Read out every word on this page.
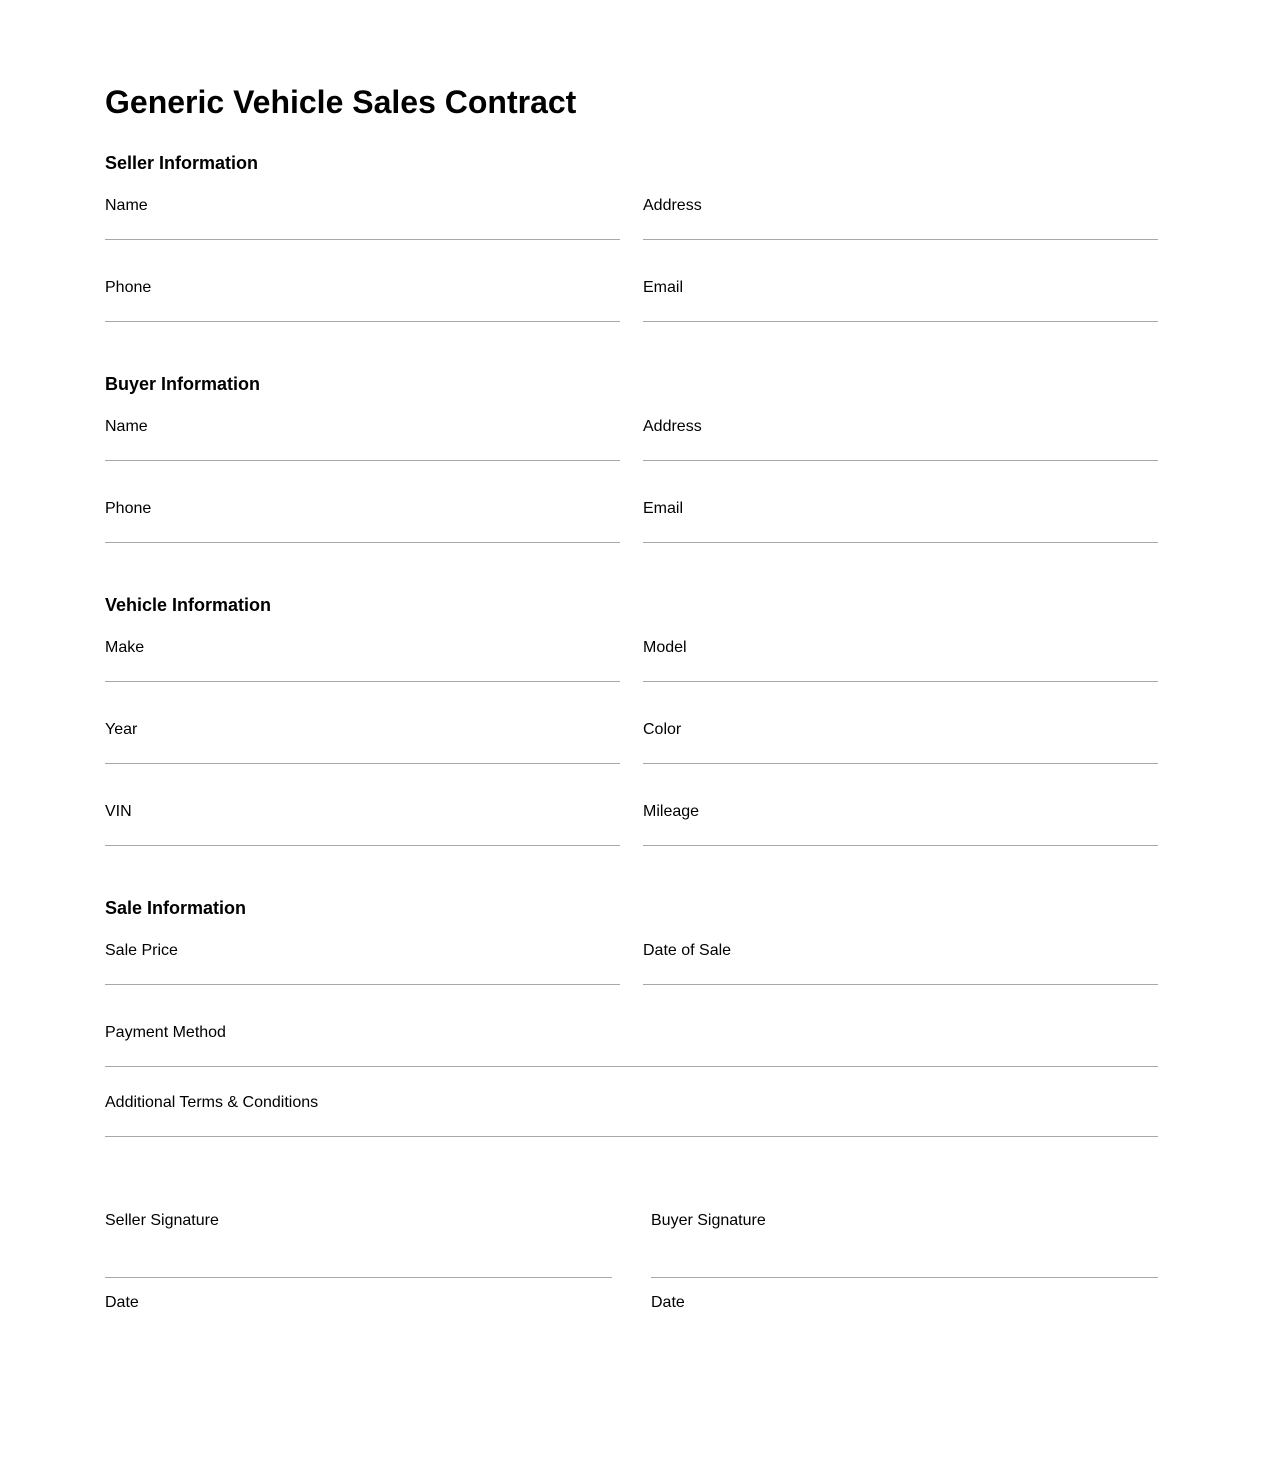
Generic Vehicle Sales Contract
Seller Information
Name	Address
Phone	Email
Buyer Information
Name	Address
Phone	Email
Vehicle Information
Make	Model
Year	Color
VIN	Mileage
Sale Information
Sale Price	Date of Sale
Payment Method
Additional Terms & Conditions
Seller Signature
Date
Buyer Signature
Date
